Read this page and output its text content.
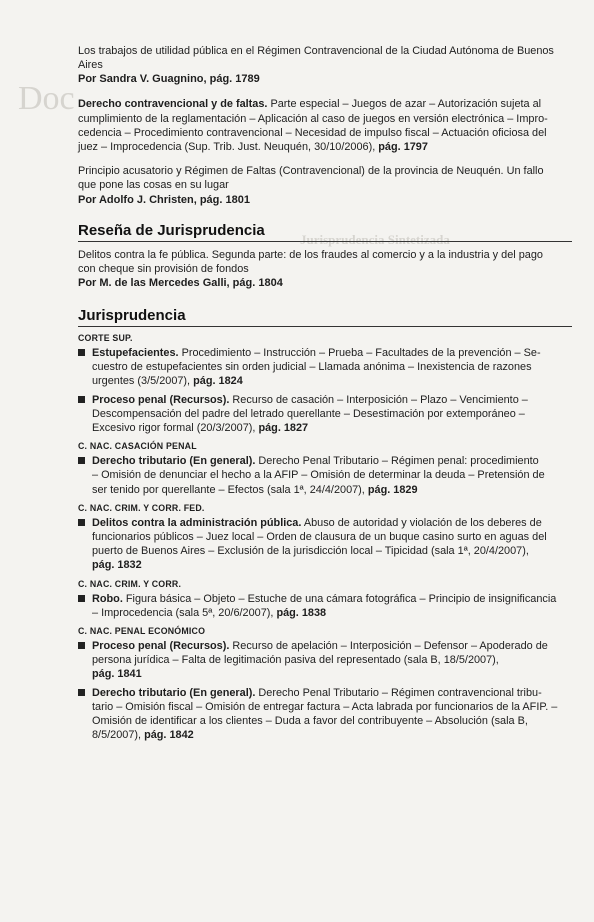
Doc
Jurisprudencia Sintetizada
Los trabajos de utilidad pública en el Régimen Contravencional de la Ciudad Autónoma de Buenos
Aires
Por Sandra V. Guagnino, pág. 1789
Derecho contravencional y de faltas. Parte especial – Juegos de azar – Autorización sujeta al
cumplimiento de la reglamentación – Aplicación al caso de juegos en versión electrónica – Impro-
cedencia – Procedimiento contravencional – Necesidad de impulso fiscal – Actuación oficiosa del
juez – Improcedencia (Sup. Trib. Just. Neuquén, 30/10/2006), pág. 1797
Principio acusatorio y Régimen de Faltas (Contravencional) de la provincia de Neuquén. Un fallo
que pone las cosas en su lugar
Por Adolfo J. Christen, pág. 1801
Reseña de Jurisprudencia
Delitos contra la fe pública. Segunda parte: de los fraudes al comercio y a la industria y del pago
con cheque sin provisión de fondos
Por M. de las Mercedes Galli, pág. 1804
Jurisprudencia
CORTE SUP.
Estupefacientes. Procedimiento – Instrucción – Prueba – Facultades de la prevención – Se-
cuestro de estupefacientes sin orden judicial – Llamada anónima – Inexistencia de razones
urgentes (3/5/2007), pág. 1824
Proceso penal (Recursos). Recurso de casación – Interposición – Plazo – Vencimiento –
Descompensación del padre del letrado querellante – Desestimación por extemporáneo –
Excesivo rigor formal (20/3/2007), pág. 1827
C. NAC. CASACIÓN PENAL
Derecho tributario (En general). Derecho Penal Tributario – Régimen penal: procedimiento
– Omisión de denunciar el hecho a la AFIP – Omisión de determinar la deuda – Pretensión de
ser tenido por querellante – Efectos (sala 1ª, 24/4/2007), pág. 1829
C. NAC. CRIM. Y CORR. FED.
Delitos contra la administración pública. Abuso de autoridad y violación de los deberes de
funcionarios públicos – Juez local – Orden de clausura de un buque casino surto en aguas del
puerto de Buenos Aires – Exclusión de la jurisdicción local – Tipicidad (sala 1ª, 20/4/2007),
pág. 1832
C. NAC. CRIM. Y CORR.
Robo. Figura básica – Objeto – Estuche de una cámara fotográfica – Principio de insignificancia
– Improcedencia (sala 5ª, 20/6/2007), pág. 1838
C. NAC. PENAL ECONÓMICO
Proceso penal (Recursos). Recurso de apelación – Interposición – Defensor – Apoderado de
persona jurídica – Falta de legitimación pasiva del representado (sala B, 18/5/2007),
pág. 1841
Derecho tributario (En general). Derecho Penal Tributario – Régimen contravencional tribu-
tario – Omisión fiscal – Omisión de entregar factura – Acta labrada por funcionarios de la AFIP. –
Omisión de identificar a los clientes – Duda a favor del contribuyente – Absolución (sala B,
8/5/2007), pág. 1842
